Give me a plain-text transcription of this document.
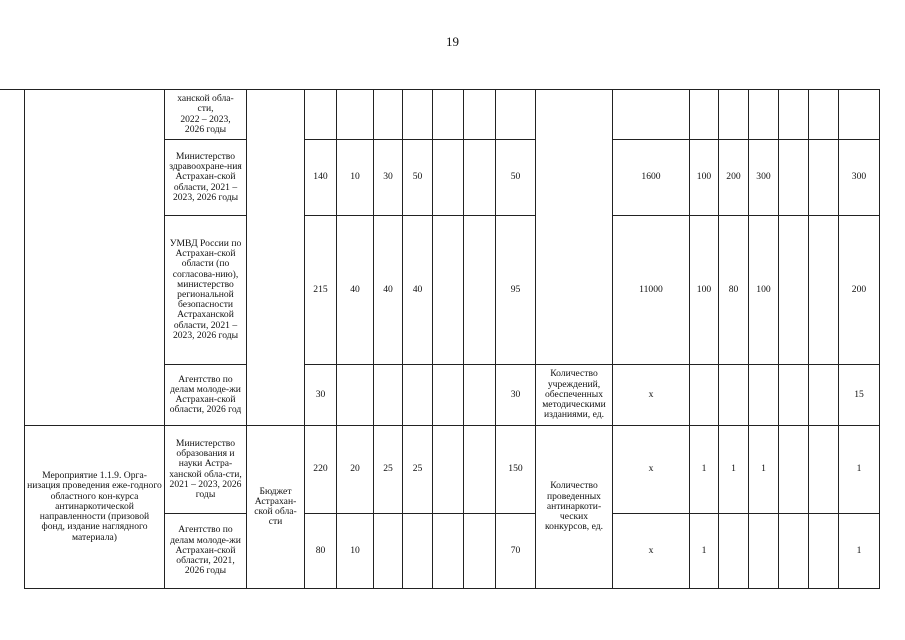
19
	ханской обла-
сти,
2022 – 2023,
2026 годы																
	Министерство здравоохране-ния Астрахан-ской области, 2021 – 2023, 2026 годы		140	10	30	50			50		1600	100	200	300			300
	УМВД России по Астрахан-ской области (по согласова-нию), министерство региональной безопасности Астраханской области, 2021 – 2023, 2026 годы		215	40	40	40			95		11000	100	80	100			200
	Агентство по делам молоде-жи Астрахан-ской области, 2026 год		30						30	Количество учреждений, обеспеченных методическими изданиями, ед.	х						15
Мероприятие 1.1.9. Орга-низация проведения еже-годного областного кон-курса антинаркотической направленности (призовой фонд, издание наглядного материала)	Министерство образования и науки Астра-ханской обла-сти, 2021 – 2023, 2026 годы	Бюджет Астрахан-ской обла-сти	220	20	25	25			150	Количество проведенных антинаркоти-ческих конкурсов, ед.	х	1	1	1			1
	Агентство по делам молоде-жи Астрахан-ской области, 2021, 2026 годы		80	10					70		х	1					1
